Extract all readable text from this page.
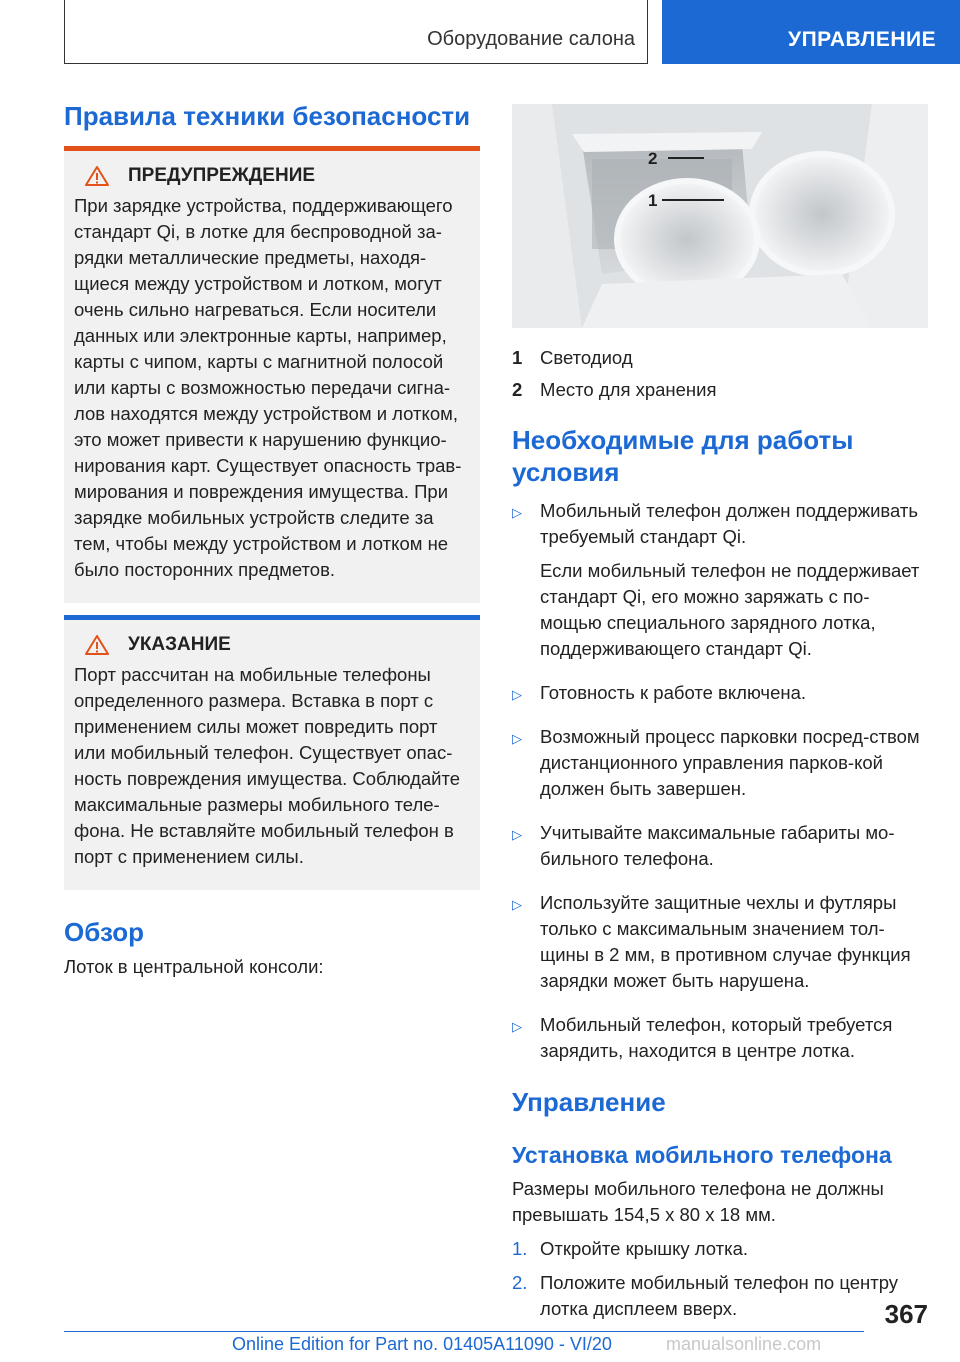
Оборудование салона	УПРАВЛЕНИЕ
Правила техники безопасности
ПРЕДУПРЕЖДЕНИЕ

При зарядке устройства, поддерживающего стандарт Qi, в лотке для беспроводной за-рядки металлические предметы, находя-щиеся между устройством и лотком, могут очень сильно нагреваться. Если носители данных или электронные карты, например, карты с чипом, карты с магнитной полосой или карты с возможностью передачи сигна-лов находятся между устройством и лотком, это может привести к нарушению функцио-нирования карт. Существует опасность трав-мирования и повреждения имущества. При зарядке мобильных устройств следите за тем, чтобы между устройством и лотком не было посторонних предметов.

УКАЗАНИЕ

Порт рассчитан на мобильные телефоны определенного размера. Вставка в порт с применением силы может повредить порт или мобильный телефон. Существует опас-ность повреждения имущества. Соблюдайте максимальные размеры мобильного теле-фона. Не вставляйте мобильный телефон в порт с применением силы.

Обзор

Лоток в центральной консоли:

2
1
1 Светодиод
2 Место для хранения
Необходимые для работы условия
▷ Мобильный телефон должен поддерживать требуемый стандарт Qi.

Если мобильный телефон не поддерживает стандарт Qi, его можно заряжать с по-мощью специального зарядного лотка, поддерживающего стандарт Qi.

▷ Готовность к работе включена.

▷ Возможный процесс парковки посред-ством дистанционного управления парков-кой должен быть завершен.

▷ Учитывайте максимальные габариты мо-бильного телефона.

▷ Используйте защитные чехлы и футляры только с максимальным значением тол-щины в 2 мм, в противном случае функция зарядки может быть нарушена.

▷ Мобильный телефон, который требуется зарядить, находится в центре лотка.

Управление
Установка мобильного телефона

Размеры мобильного телефона не должны превышать 154,5 x 80 x 18 мм.

1. Откройте крышку лотка.
2. Положите мобильный телефон по центру лотка дисплеем вверх.	367
Online Edition for Part no. 01405A11090 - VI/20	manualsonline.com
